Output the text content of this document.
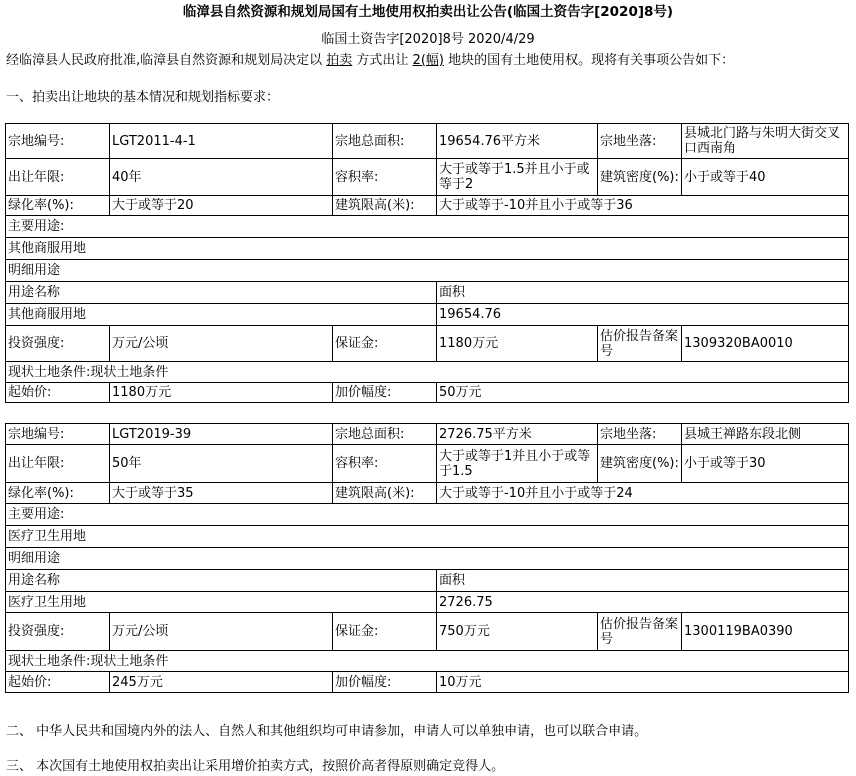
临漳县自然资源和规划局国有土地使用权拍卖出让公告(临国土资告字[2020]8号)
临国土资告字[2020]8号 2020/4/29
经临漳县人民政府批准,临漳县自然资源和规划局决定以 拍卖 方式出让 2(幅) 地块的国有土地使用权。现将有关事项公告如下：
一、拍卖出让地块的基本情况和规划指标要求：
宗地编号:	LGT2011-4-1	宗地总面积:	19654.76平方米	宗地坐落:	县城北门路与朱明大街交叉口西南角
出让年限:	40年	容积率:	大于或等于1.5并且小于或等于2	建筑密度(%):	小于或等于40
绿化率(%):	大于或等于20	建筑限高(米):	大于或等于-10并且小于或等于36		
主要用途:					
其他商服用地					
明细用途					
用途名称			面积		
其他商服用地			19654.76		
投资强度:	万元/公顷	保证金:	1180万元	估价报告备案号	1309320BA0010
现状土地条件:现状土地条件					
起始价:	1180万元	加价幅度:	50万元		
宗地编号:	LGT2019-39	宗地总面积:	2726.75平方米	宗地坐落:	县城王禅路东段北侧
出让年限:	50年	容积率:	大于或等于1并且小于或等于1.5	建筑密度(%):	小于或等于30
绿化率(%):	大于或等于35	建筑限高(米):	大于或等于-10并且小于或等于24		
主要用途:					
医疗卫生用地					
明细用途					
用途名称			面积		
医疗卫生用地			2726.75		
投资强度:	万元/公顷	保证金:	750万元	估价报告备案号	1300119BA0390
现状土地条件:现状土地条件					
起始价:	245万元	加价幅度:	10万元		
二、 中华人民共和国境内外的法人、自然人和其他组织均可申请参加，申请人可以单独申请，也可以联合申请。
三、 本次国有土地使用权拍卖出让采用增价拍卖方式，按照价高者得原则确定竞得人。
